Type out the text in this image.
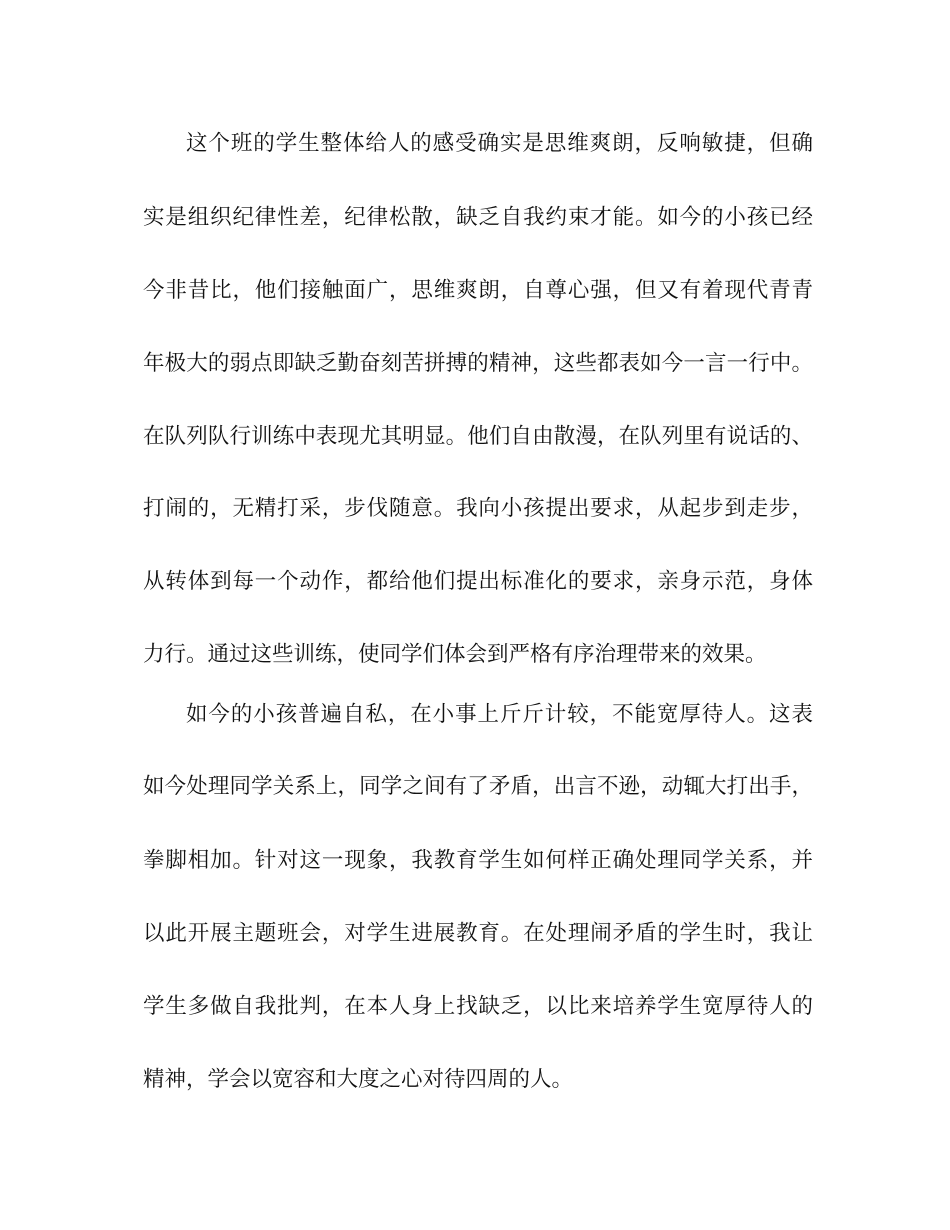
这个班的学生整体给人的感受确实是思维爽朗，反响敏捷，但确
实是组织纪律性差，纪律松散，缺乏自我约束才能。如今的小孩已经
今非昔比，他们接触面广，思维爽朗，自尊心强，但又有着现代青青
年极大的弱点即缺乏勤奋刻苦拼搏的精神，这些都表如今一言一行中。
在队列队行训练中表现尤其明显。他们自由散漫，在队列里有说话的、
打闹的，无精打采，步伐随意。我向小孩提出要求，从起步到走步，
从转体到每一个动作，都给他们提出标准化的要求，亲身示范，身体
力行。通过这些训练，使同学们体会到严格有序治理带来的效果。
如今的小孩普遍自私，在小事上斤斤计较，不能宽厚待人。这表
如今处理同学关系上，同学之间有了矛盾，出言不逊，动辄大打出手，
拳脚相加。针对这一现象，我教育学生如何样正确处理同学关系，并
以此开展主题班会，对学生进展教育。在处理闹矛盾的学生时，我让
学生多做自我批判，在本人身上找缺乏，以比来培养学生宽厚待人的
精神，学会以宽容和大度之心对待四周的人。
